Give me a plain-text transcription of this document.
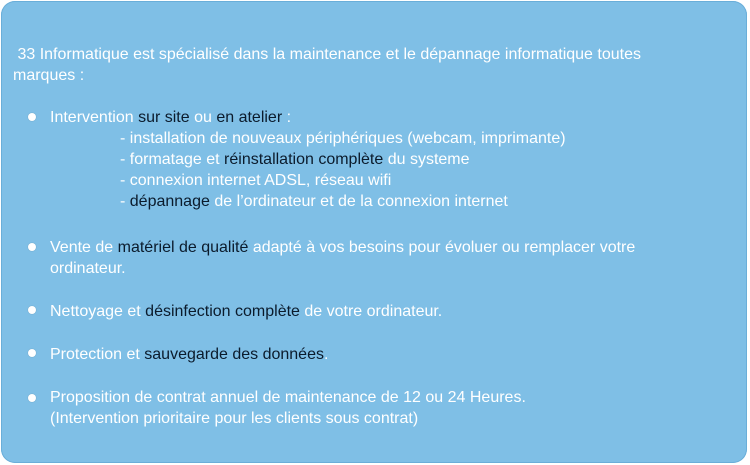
33 Informatique est spécialisé dans la maintenance et le dépannage informatique toutes
marques :
Intervention sur site ou en atelier :

- installation de nouveaux périphériques (webcam, imprimante)
- formatage et réinstallation complète du systeme
- connexion internet ADSL, réseau wifi
- dépannage de l’ordinateur et de la connexion internet
Vente de matériel de qualité adapté à vos besoins pour évoluer ou remplacer votre
ordinateur.
Nettoyage et désinfection complète de votre ordinateur.
Protection et sauvegarde des données.
Proposition de contrat annuel de maintenance de 12 ou 24 Heures.
(Intervention prioritaire pour les clients sous contrat)
